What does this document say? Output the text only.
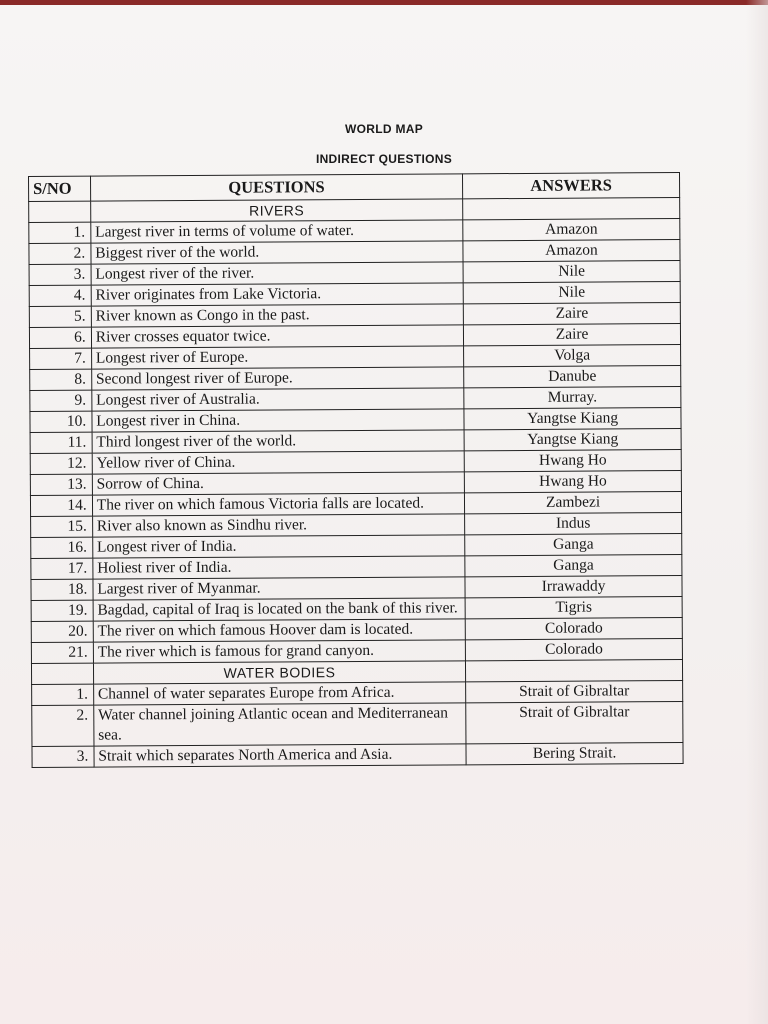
WORLD MAP
INDIRECT QUESTIONS
S/NO	QUESTIONS	ANSWERS
	RIVERS	
1.	Largest river in terms of volume of water.	Amazon
2.	Biggest river of the world.	Amazon
3.	Longest river of the river.	Nile
4.	River originates from Lake Victoria.	Nile
5.	River known as Congo in the past.	Zaire
6.	River crosses equator twice.	Zaire
7.	Longest river of Europe.	Volga
8.	Second longest river of Europe.	Danube
9.	Longest river of Australia.	Murray.
10.	Longest river in China.	Yangtse Kiang
11.	Third longest river of the world.	Yangtse Kiang
12.	Yellow river of China.	Hwang Ho
13.	Sorrow of China.	Hwang Ho
14.	The river on which famous Victoria falls are located.	Zambezi
15.	River also known as Sindhu river.	Indus
16.	Longest river of India.	Ganga
17.	Holiest river of India.	Ganga
18.	Largest river of Myanmar.	Irrawaddy
19.	Bagdad, capital of Iraq is located on the bank of this river.	Tigris
20.	The river on which famous Hoover dam is located.	Colorado
21.	The river which is famous for grand canyon.	Colorado
	WATER BODIES	
1.	Channel of water separates Europe from Africa.	Strait of Gibraltar
2.	Water channel joining Atlantic ocean and Mediterranean sea.	Strait of Gibraltar
3.	Strait which separates North America and Asia.	Bering Strait.
